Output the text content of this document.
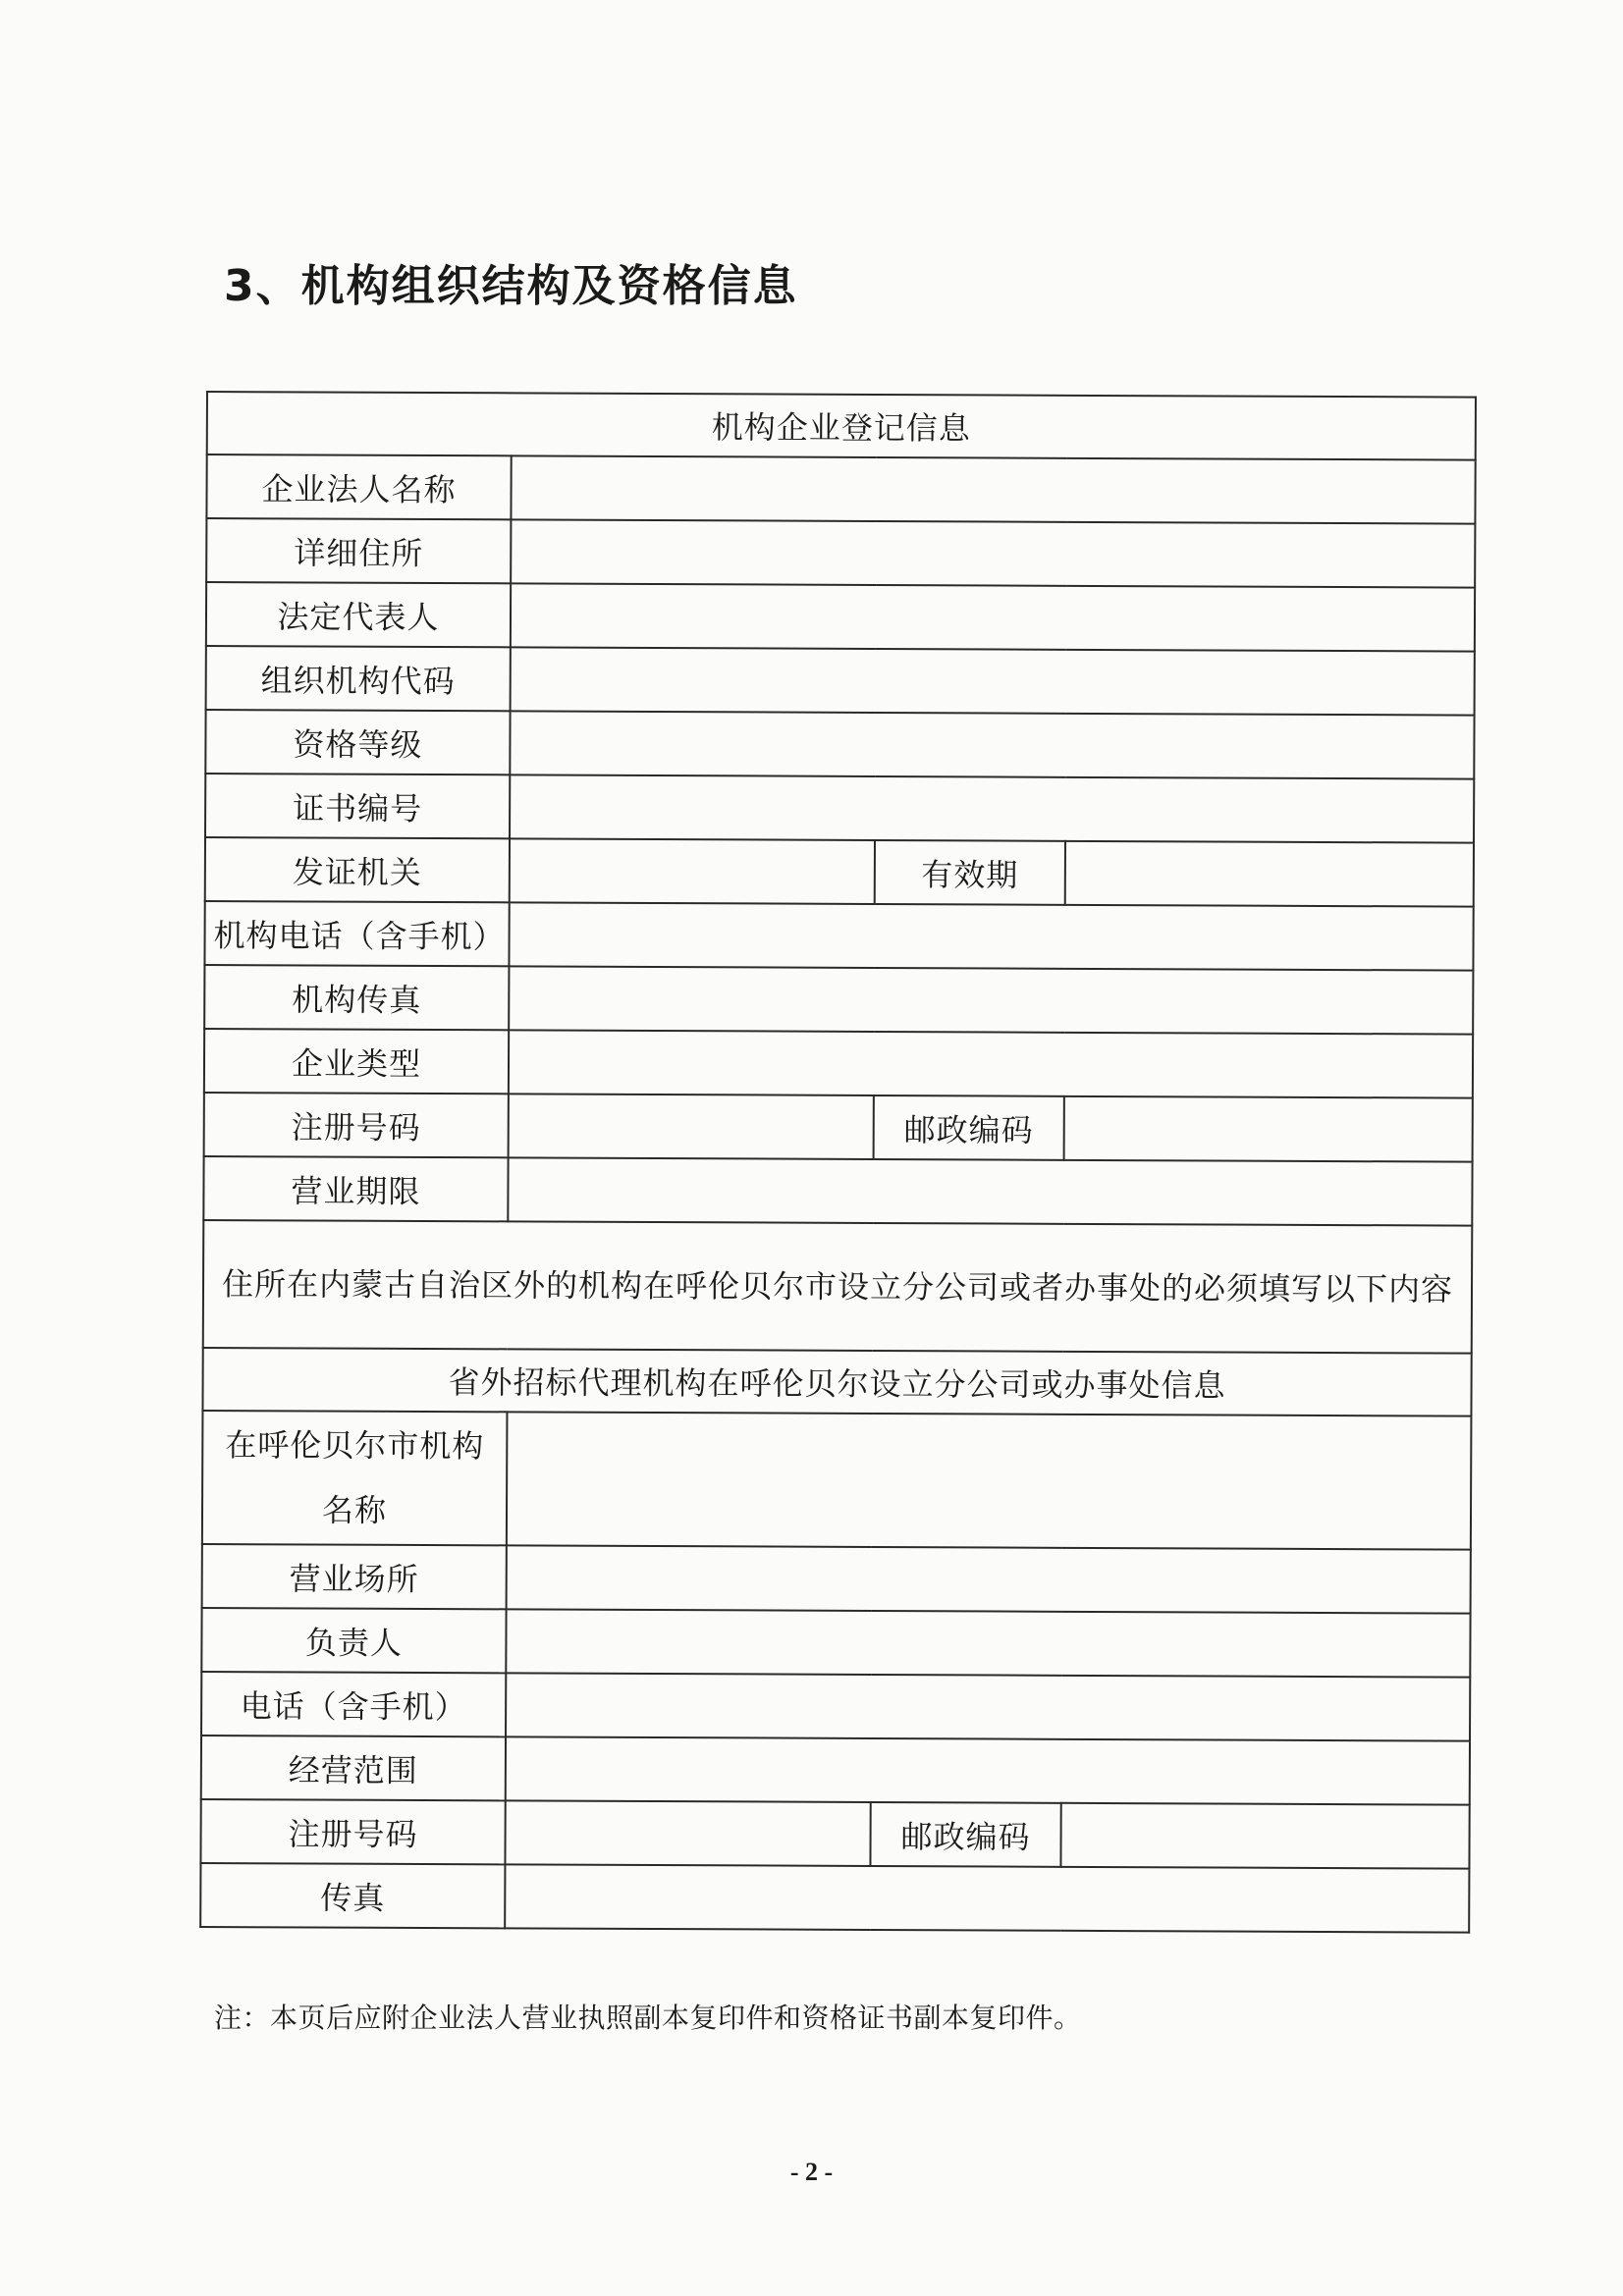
3、机构组织结构及资格信息
机构企业登记信息			
企业法人名称			
详细住所			
法定代表人			
组织机构代码			
资格等级			
证书编号			
发证机关		有效期	
机构电话（含手机）			
机构传真			
企业类型			
注册号码		邮政编码	
营业期限			
住所在内蒙古自治区外的机构在呼伦贝尔市设立分公司或者办事处的必须填写以下内容			
省外招标代理机构在呼伦贝尔设立分公司或办事处信息			
在呼伦贝尔市机构名称			
营业场所			
负责人			
电话（含手机）			
经营范围			
注册号码		邮政编码	
传真			
注：本页后应附企业法人营业执照副本复印件和资格证书副本复印件。
- 2 -
